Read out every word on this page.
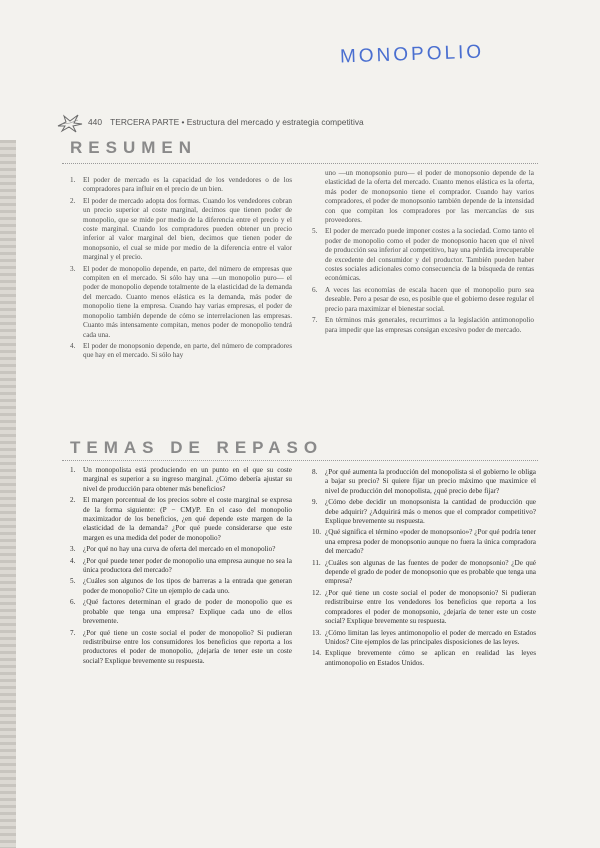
MONOPOLIO
440 TERCERA PARTE • Estructura del mercado y estrategia competitiva
RESUMEN
1. El poder de mercado es la capacidad de los vendedores o de los compradores para influir en el precio de un bien.
2. El poder de mercado adopta dos formas. Cuando los vendedores cobran un precio superior al coste marginal, decimos que tienen poder de monopolio, que se mide por medio de la diferencia entre el precio y el coste marginal. Cuando los compradores pueden obtener un precio inferior al valor marginal del bien, decimos que tienen poder de monopsonio, el cual se mide por medio de la diferencia entre el valor marginal y el precio.
3. El poder de monopolio depende, en parte, del número de empresas que compiten en el mercado. Si sólo hay una —un monopolio puro— el poder de monopolio depende totalmente de la elasticidad de la demanda del mercado. Cuanto menos elástica es la demanda, más poder de monopolio tiene la empresa. Cuando hay varias empresas, el poder de monopolio también depende de cómo se interrelacionen las empresas. Cuanto más intensamente compitan, menos poder de monopolio tendrá cada una.
4. El poder de monopsonio depende, en parte, del número de compradores que hay en el mercado. Si sólo hay
uno —un monopsonio puro— el poder de monopsonio depende de la elasticidad de la oferta del mercado. Cuanto menos elástica es la oferta, más poder de monopsonio tiene el comprador. Cuando hay varios compradores, el poder de monopsonio también depende de la intensidad con que compitan los compradores por las mercancías de sus proveedores.
5. El poder de mercado puede imponer costes a la sociedad. Como tanto el poder de monopolio como el poder de monopsonio hacen que el nivel de producción sea inferior al competitivo, hay una pérdida irrecuperable de excedente del consumidor y del productor. También pueden haber costes sociales adicionales como consecuencia de la búsqueda de rentas económicas.
6. A veces las economías de escala hacen que el monopolio puro sea deseable. Pero a pesar de eso, es posible que el gobierno desee regular el precio para maximizar el bienestar social.
7. En términos más generales, recurrimos a la legislación antimonopolio para impedir que las empresas consigan excesivo poder de mercado.
TEMAS DE REPASO
1. Un monopolista está produciendo en un punto en el que su coste marginal es superior a su ingreso marginal. ¿Cómo debería ajustar su nivel de producción para obtener más beneficios?
2. El margen porcentual de los precios sobre el coste marginal se expresa de la forma siguiente: (P − CM)/P. En el caso del monopolio maximizador de los beneficios, ¿en qué depende este margen de la elasticidad de la demanda? ¿Por qué puede considerarse que este margen es una medida del poder de monopolio?
3. ¿Por qué no hay una curva de oferta del mercado en el monopolio?
4. ¿Por qué puede tener poder de monopolio una empresa aunque no sea la única productora del mercado?
5. ¿Cuáles son algunos de los tipos de barreras a la entrada que generan poder de monopolio? Cite un ejemplo de cada uno.
6. ¿Qué factores determinan el grado de poder de monopolio que es probable que tenga una empresa? Explique cada uno de ellos brevemente.
7. ¿Por qué tiene un coste social el poder de monopolio? Si pudieran redistribuirse entre los consumidores los beneficios que reporta a los productores el poder de monopolio, ¿dejaría de tener este un coste social? Explique brevemente su respuesta.
8. ¿Por qué aumenta la producción del monopolista si el gobierno le obliga a bajar su precio? Si quiere fijar un precio máximo que maximice el nivel de producción del monopolista, ¿qué precio debe fijar?
9. ¿Cómo debe decidir un monopsonista la cantidad de producción que debe adquirir? ¿Adquirirá más o menos que el comprador competitivo? Explique brevemente su respuesta.
10. ¿Qué significa el término «poder de monopsonio»? ¿Por qué podría tener una empresa poder de monopsonio aunque no fuera la única compradora del mercado?
11. ¿Cuáles son algunas de las fuentes de poder de monopsonio? ¿De qué depende el grado de poder de monopsonio que es probable que tenga una empresa?
12. ¿Por qué tiene un coste social el poder de monopsonio? Si pudieran redistribuirse entre los vendedores los beneficios que reporta a los compradores el poder de monopsonio, ¿dejaría de tener este un coste social? Explique brevemente su respuesta.
13. ¿Cómo limitan las leyes antimonopolio el poder de mercado en Estados Unidos? Cite ejemplos de las principales disposiciones de las leyes.
14. Explique brevemente cómo se aplican en realidad las leyes antimonopolio en Estados Unidos.
